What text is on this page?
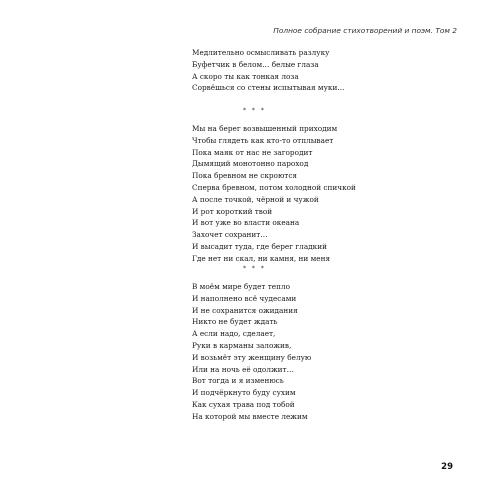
Полное собрание стихотворений и поэм. Том 2
Медлительно осмысливать разлуку
Буфетчик в белом… белые глаза
А скоро ты как тонкая лоза
Сорвёшься со стены испытывая муки…
* * *
Мы на берег возвышенный приходим
Чтобы глядеть как кто-то отплывает
Пока маяк от нас не загородит
Дымящий монотонно пароход
Пока бревном не скроются
Сперва бревном, потом холодной спичкой
А после точкой, чёрной и чужой
И рот короткий твой
И вот уже во власти океана
Захочет сохранит…
И высадит туда, где берег гладкий
Где нет ни скал, ни камня, ни меня
* * *
В моём мире будет тепло
И наполнено всё чудесами
И не сохранится ожидания
Никто не будет ждать
А если надо, сделает,
Руки в карманы заложив,
И возьмёт эту женщину белую
Или на ночь её одолжит…
Вот тогда и я изменюсь
И подчёркнуто буду сухим
Как сухая трава под тобой
На которой мы вместе лежим
29
